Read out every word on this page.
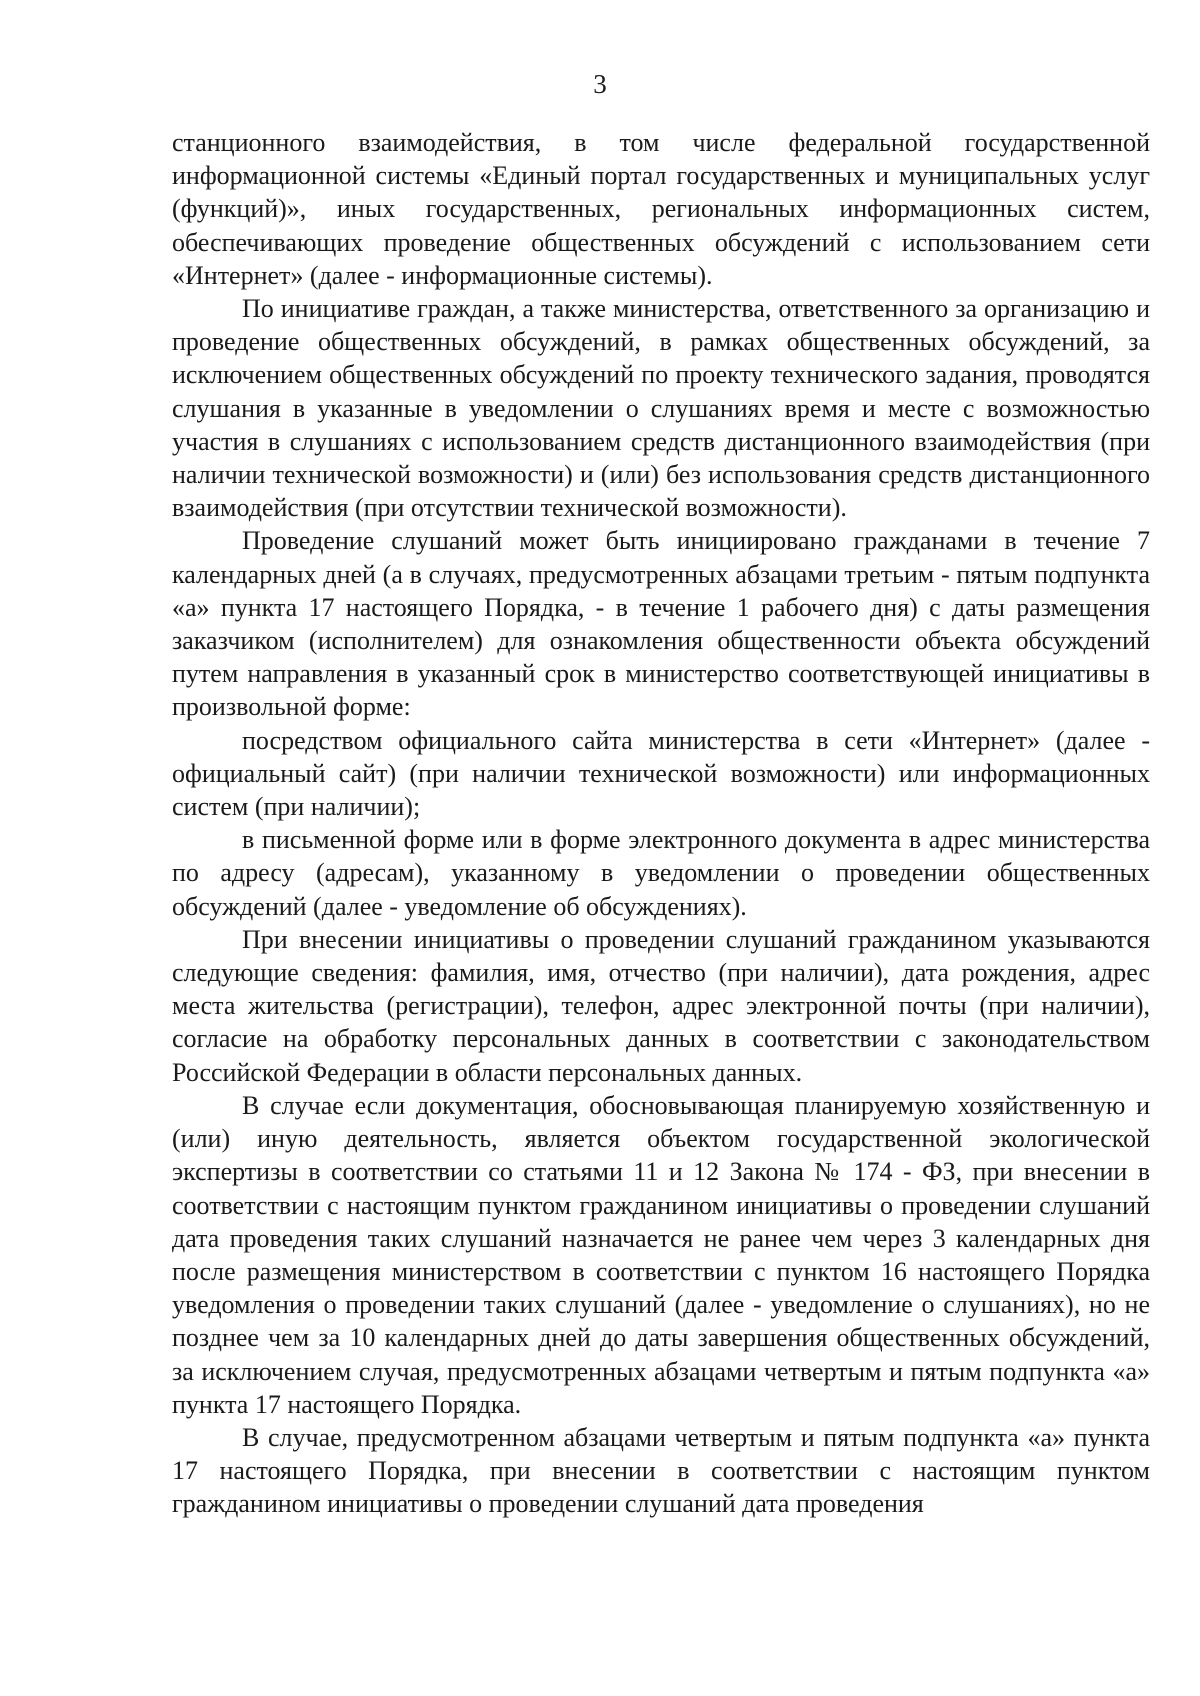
3

станционного взаимодействия, в том числе федеральной государственной информационной системы «Единый портал государственных и муниципальных услуг (функций)», иных государственных, региональных информационных систем, обеспечивающих проведение общественных обсуждений с использованием сети «Интернет» (далее - информационные системы).

По инициативе граждан, а также министерства, ответственного за организацию и проведение общественных обсуждений, в рамках общественных обсуждений, за исключением общественных обсуждений по проекту технического задания, проводятся слушания в указанные в уведомлении о слушаниях время и месте с возможностью участия в слушаниях с использованием средств дистанционного взаимодействия (при наличии технической возможности) и (или) без использования средств дистанционного взаимодействия (при отсутствии технической возможности).

Проведение слушаний может быть инициировано гражданами в течение 7 календарных дней (а в случаях, предусмотренных абзацами третьим - пятым подпункта «а» пункта 17 настоящего Порядка, - в течение 1 рабочего дня) с даты размещения заказчиком (исполнителем) для ознакомления общественности объекта обсуждений путем направления в указанный срок в министерство соответствующей инициативы в произвольной форме:

посредством официального сайта министерства в сети «Интернет» (далее - официальный сайт) (при наличии технической возможности) или информационных систем (при наличии);

в письменной форме или в форме электронного документа в адрес министерства по адресу (адресам), указанному в уведомлении о проведении общественных обсуждений (далее - уведомление об обсуждениях).

При внесении инициативы о проведении слушаний гражданином указываются следующие сведения: фамилия, имя, отчество (при наличии), дата рождения, адрес места жительства (регистрации), телефон, адрес электронной почты (при наличии), согласие на обработку персональных данных в соответствии с законодательством Российской Федерации в области персональных данных.

В случае если документация, обосновывающая планируемую хозяйственную и (или) иную деятельность, является объектом государственной экологической экспертизы в соответствии со статьями 11 и 12 Закона № 174 - ФЗ, при внесении в соответствии с настоящим пунктом гражданином инициативы о проведении слушаний дата проведения таких слушаний назначается не ранее чем через 3 календарных дня после размещения министерством в соответствии с пунктом 16 настоящего Порядка уведомления о проведении таких слушаний (далее - уведомление о слушаниях), но не позднее чем за 10 календарных дней до даты завершения общественных обсуждений, за исключением случая, предусмотренных абзацами четвертым и пятым подпункта «а» пункта 17 настоящего Порядка.

В случае, предусмотренном абзацами четвертым и пятым подпункта «а» пункта 17 настоящего Порядка, при внесении в соответствии с настоящим пунктом гражданином инициативы о проведении слушаний дата проведения
